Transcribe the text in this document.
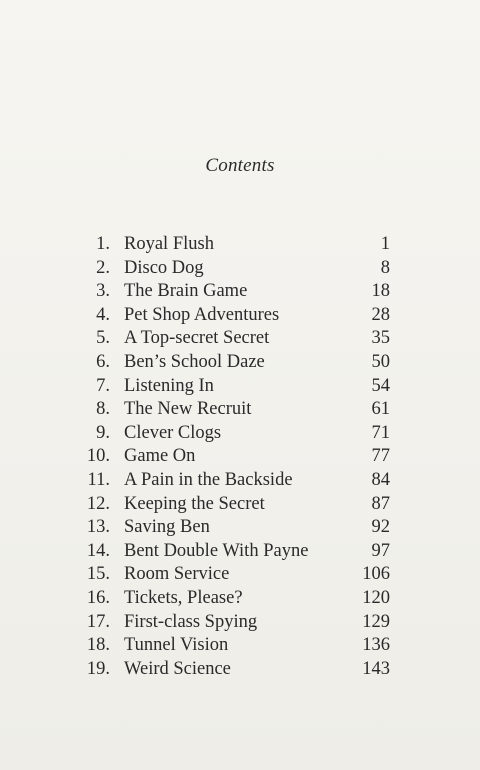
Contents
1. Royal Flush	1
2. Disco Dog	8
3. The Brain Game	18
4. Pet Shop Adventures	28
5. A Top-secret Secret	35
6. Ben’s School Daze	50
7. Listening In	54
8. The New Recruit	61
9. Clever Clogs	71
10. Game On	77
11. A Pain in the Backside	84
12. Keeping the Secret	87
13. Saving Ben	92
14. Bent Double With Payne	97
15. Room Service	106
16. Tickets, Please?	120
17. First-class Spying	129
18. Tunnel Vision	136
19. Weird Science	143
